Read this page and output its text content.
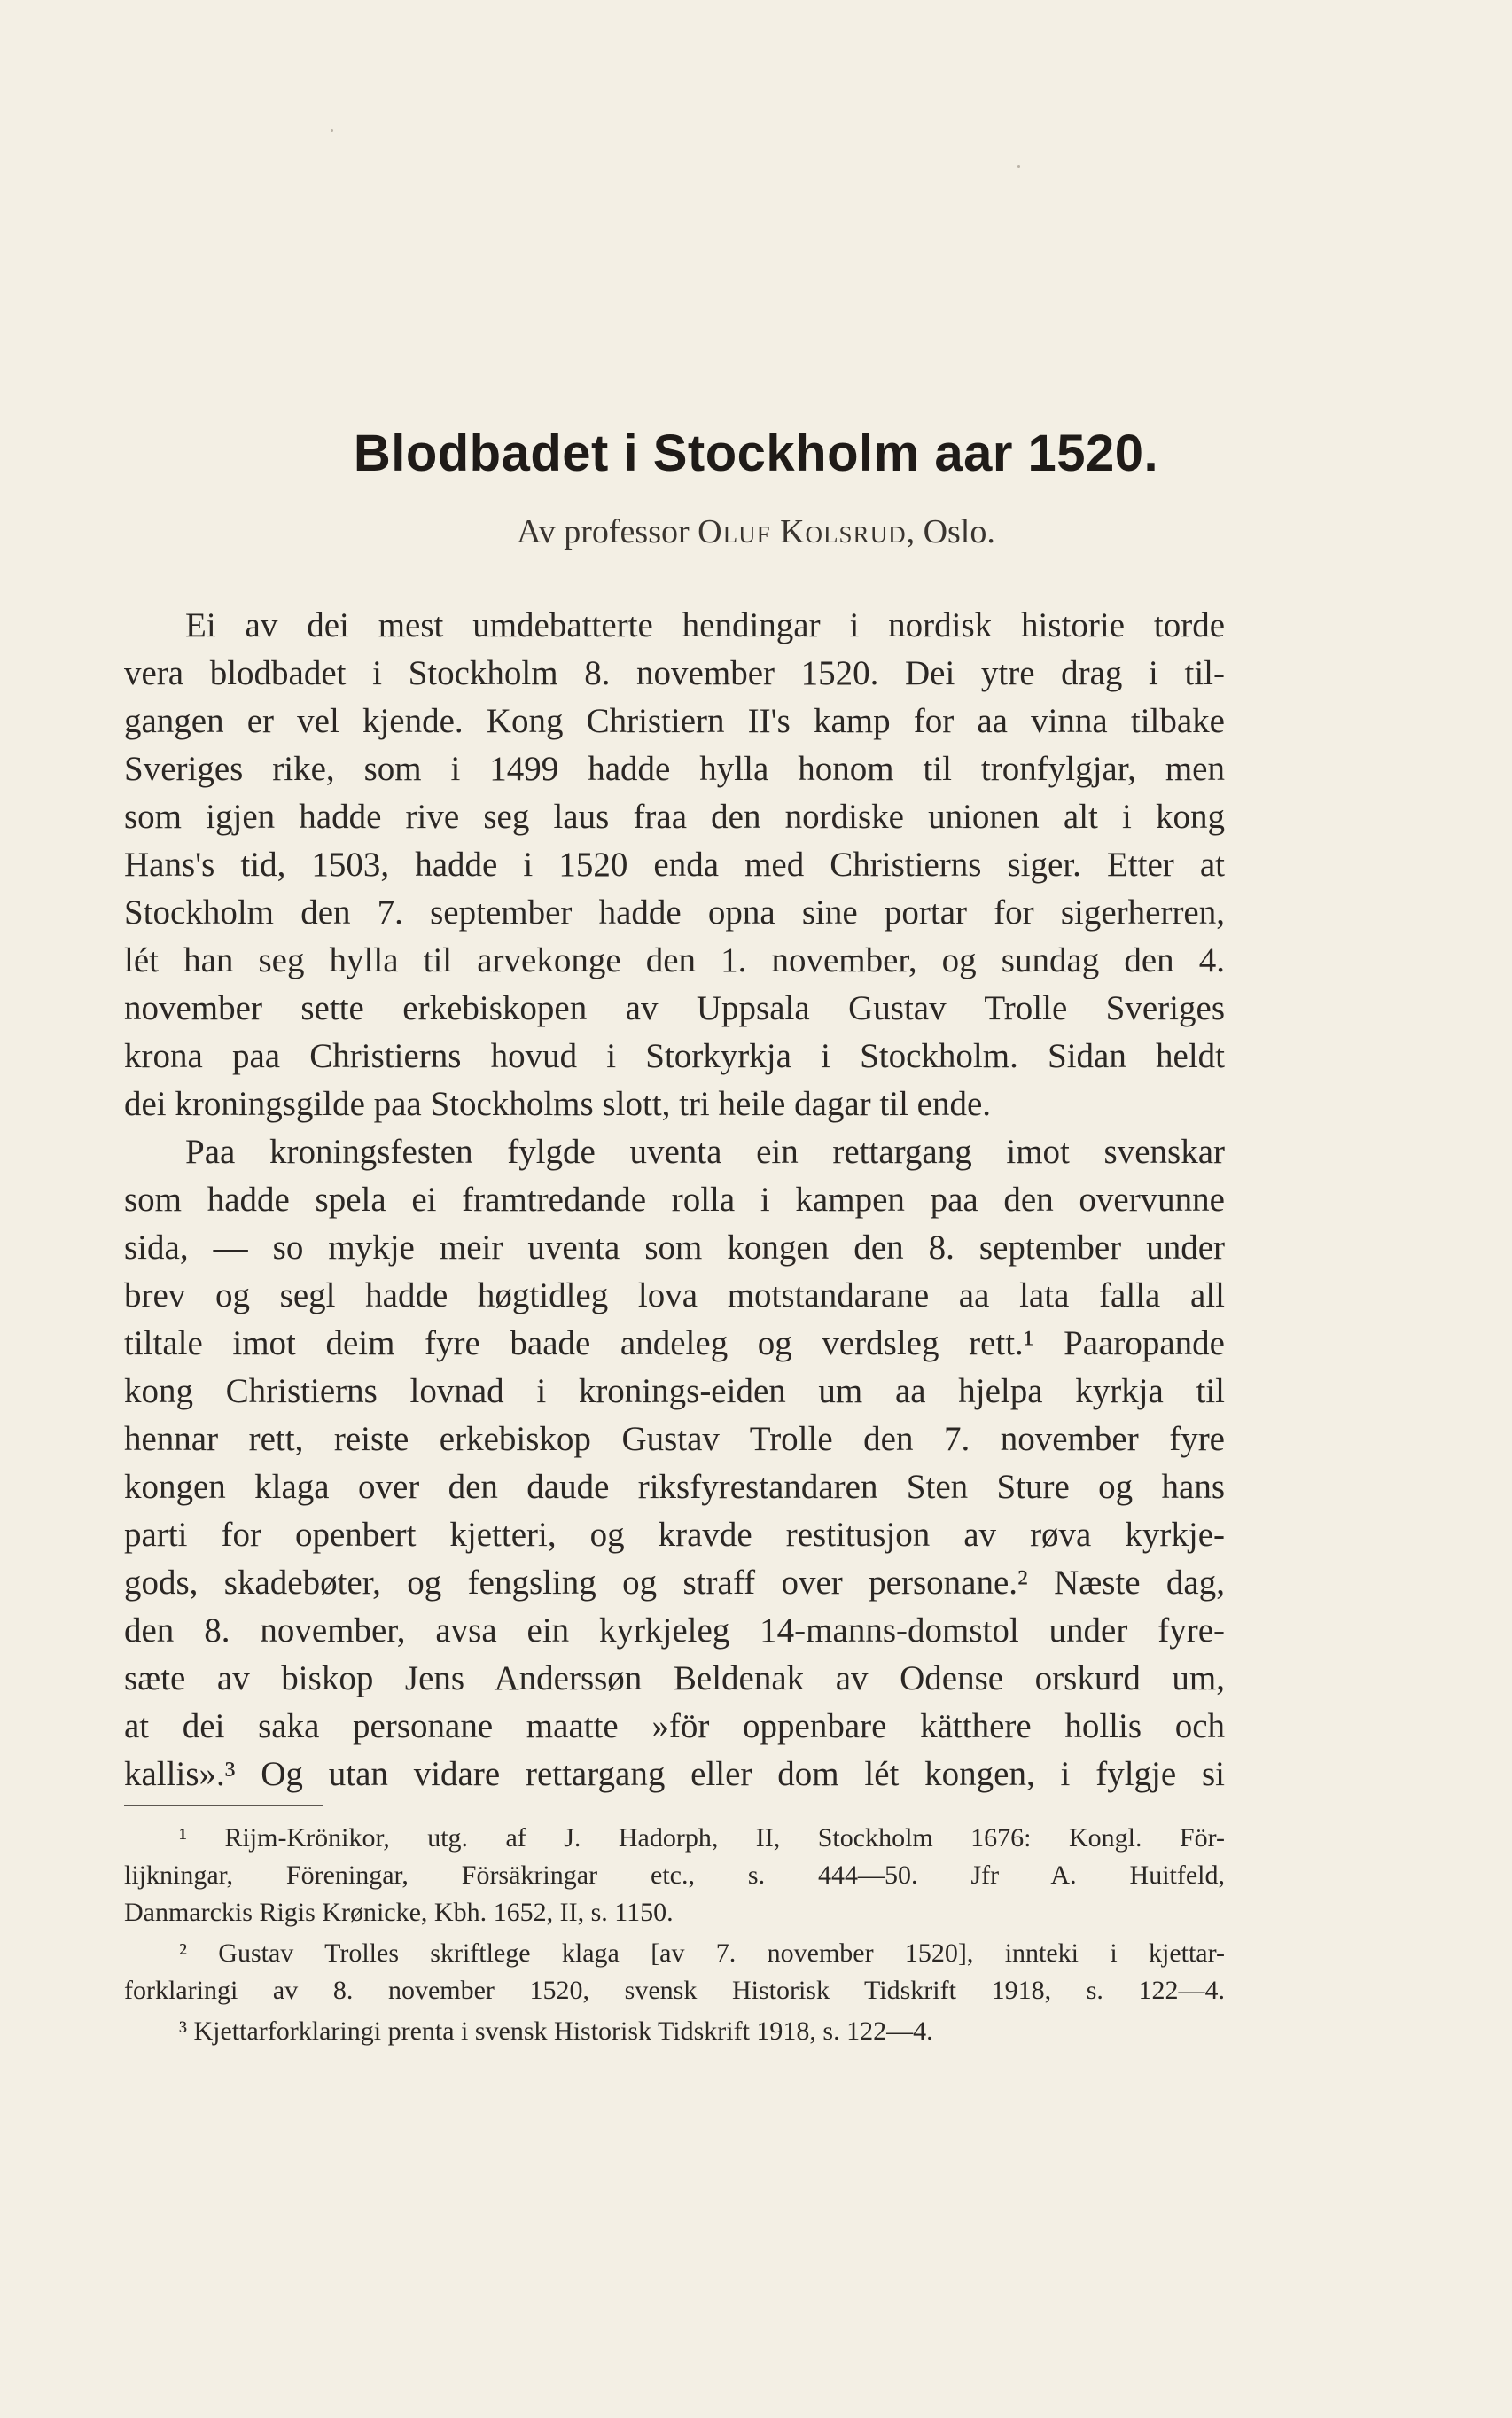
Blodbadet i Stockholm aar 1520.
Av professor Oluf Kolsrud, Oslo.
Ei av dei mest umdebatterte hendingar i nordisk historie torde
vera blodbadet i Stockholm 8. november 1520. Dei ytre drag i til-
gangen er vel kjende. Kong Christiern II's kamp for aa vinna tilbake
Sveriges rike, som i 1499 hadde hylla honom til tronfylgjar, men
som igjen hadde rive seg laus fraa den nordiske unionen alt i kong
Hans's tid, 1503, hadde i 1520 enda med Christierns siger. Etter at
Stockholm den 7. september hadde opna sine portar for sigerherren,
lét han seg hylla til arvekonge den 1. november, og sundag den 4.
november sette erkebiskopen av Uppsala Gustav Trolle Sveriges
krona paa Christierns hovud i Storkyrkja i Stockholm. Sidan heldt
dei kroningsgilde paa Stockholms slott, tri heile dagar til ende.
Paa kroningsfesten fylgde uventa ein rettargang imot svenskar
som hadde spela ei framtredande rolla i kampen paa den overvunne
sida, — so mykje meir uventa som kongen den 8. september under
brev og segl hadde høgtidleg lova motstandarane aa lata falla all
tiltale imot deim fyre baade andeleg og verdsleg rett.¹ Paaropande
kong Christierns lovnad i kronings-eiden um aa hjelpa kyrkja til
hennar rett, reiste erkebiskop Gustav Trolle den 7. november fyre
kongen klaga over den daude riksfyrestandaren Sten Sture og hans
parti for openbert kjetteri, og kravde restitusjon av røva kyrkje-
gods, skadebøter, og fengsling og straff over personane.² Næste dag,
den 8. november, avsa ein kyrkjeleg 14-manns-domstol under fyre-
sæte av biskop Jens Anderssøn Beldenak av Odense orskurd um,
at dei saka personane maatte »för oppenbare kätthere hollis och
kallis».³ Og utan vidare rettargang eller dom lét kongen, i fylgje si
¹ Rijm-Krönikor, utg. af J. Hadorph, II, Stockholm 1676: Kongl. För-
lijkningar, Föreningar, Försäkringar etc., s. 444—50. Jfr A. Huitfeld,
Danmarckis Rigis Krønicke, Kbh. 1652, II, s. 1150.
² Gustav Trolles skriftlege klaga [av 7. november 1520], innteki i kjettar-
forklaringi av 8. november 1520, svensk Historisk Tidskrift 1918, s. 122—4.
³ Kjettarforklaringi prenta i svensk Historisk Tidskrift 1918, s. 122—4.
